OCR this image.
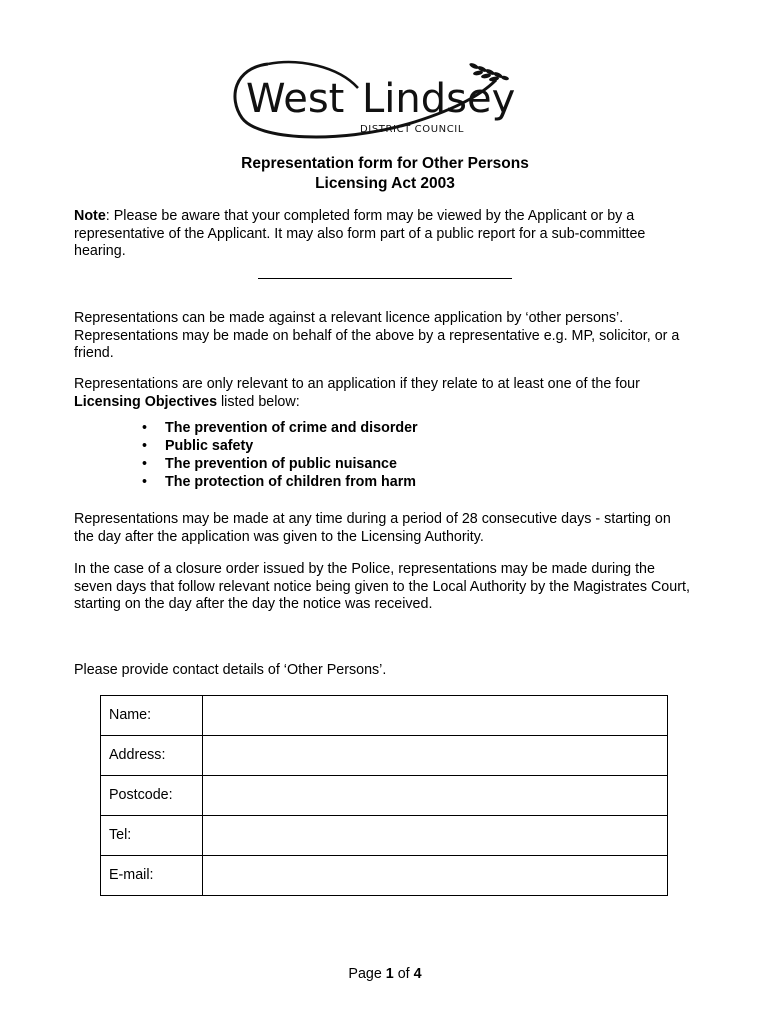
West Lindsey
DISTRICT COUNCIL
Representation form for Other Persons
Licensing Act 2003

Note: Please be aware that your completed form may be viewed by the Applicant or by a representative of the Applicant. It may also form part of a public report for a sub-committee hearing.

Representations can be made against a relevant licence application by ‘other persons’. Representations may be made on behalf of the above by a representative e.g. MP, solicitor, or a friend.

Representations are only relevant to an application if they relate to at least one of the four Licensing Objectives listed below:

• The prevention of crime and disorder
• Public safety
• The prevention of public nuisance
• The protection of children from harm

Representations may be made at any time during a period of 28 consecutive days - starting on the day after the application was given to the Licensing Authority.

In the case of a closure order issued by the Police, representations may be made during the seven days that follow relevant notice being given to the Local Authority by the Magistrates Court, starting on the day after the day the notice was received.

Please provide contact details of ‘Other Persons’.

Name:	
Address:	
Postcode:	
Tel:	
E-mail:	
Page 1 of 4
